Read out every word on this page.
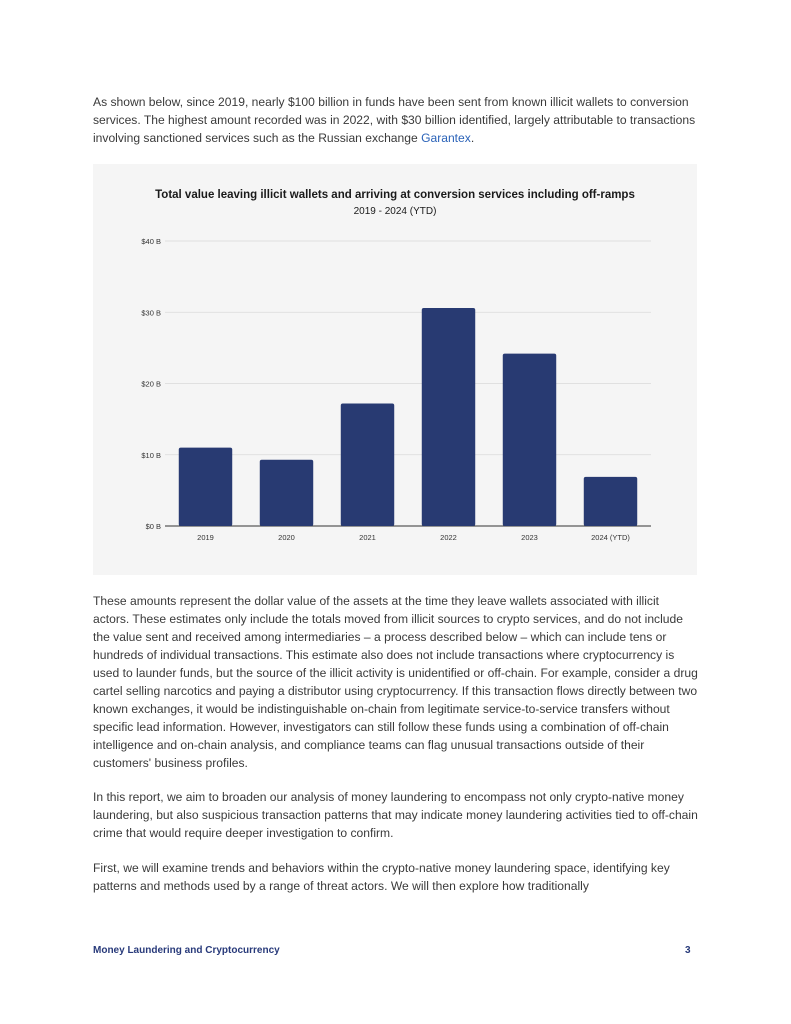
As shown below, since 2019, nearly $100 billion in funds have been sent from known illicit wallets to conversion services. The highest amount recorded was in 2022, with $30 billion identified, largely attributable to transactions involving sanctioned services such as the Russian exchange Garantex.

Total value leaving illicit wallets and arriving at conversion services including off-ramps
2019 - 2024 (YTD)
$0 B
$10 B
$20 B
$30 B
$40 B
2019	2020	2021	2022	2023	2024 (YTD)

These amounts represent the dollar value of the assets at the time they leave wallets associated with illicit actors. These estimates only include the totals moved from illicit sources to crypto services, and do not include the value sent and received among intermediaries – a process described below – which can include tens or hundreds of individual transactions. This estimate also does not include transactions where cryptocurrency is used to launder funds, but the source of the illicit activity is unidentified or off-chain. For example, consider a drug cartel selling narcotics and paying a distributor using cryptocurrency. If this transaction flows directly between two known exchanges, it would be indistinguishable on-chain from legitimate service-to-service transfers without specific lead information. However, investigators can still follow these funds using a combination of off-chain intelligence and on-chain analysis, and compliance teams can flag unusual transactions outside of their customers' business profiles.

In this report, we aim to broaden our analysis of money laundering to encompass not only crypto-native money laundering, but also suspicious transaction patterns that may indicate money laundering activities tied to off-chain crime that would require deeper investigation to confirm.

First, we will examine trends and behaviors within the crypto-native money laundering space, identifying key patterns and methods used by a range of threat actors. We will then explore how traditionally

Money Laundering and Cryptocurrency	3
